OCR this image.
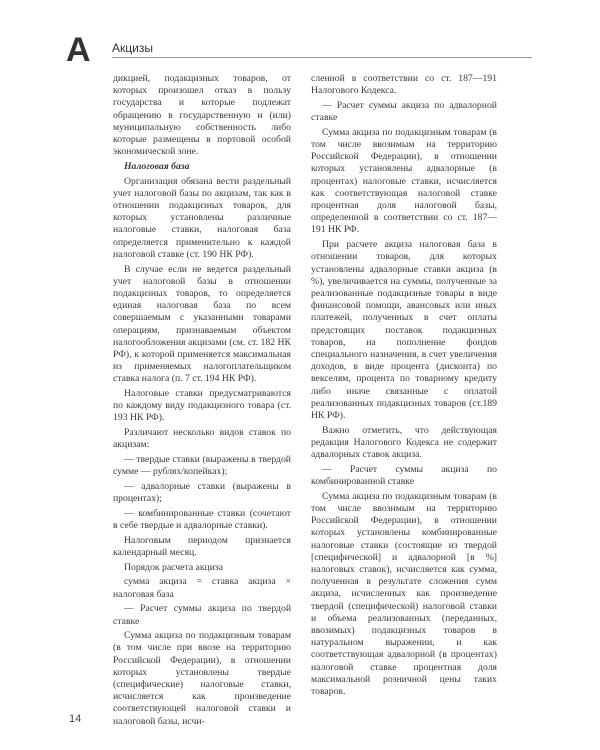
А Акцизы

дикцией, подакцизных товаров, от которых произошел отказ в пользу государства и которые подлежат обращению в государственную и (или) муниципальную собственность либо которые размещены в портовой особой экономической зоне.

Налоговая база

Организация обязана вести раздельный учет налоговой базы по акцизам, так как в отношении подакцизных товаров, для которых установлены различные налоговые ставки, налоговая база определяется применительно к каждой налоговой ставке (ст. 190 НК РФ).

В случае если не ведется раздельный учет налоговой базы в отношении подакцизных товаров, то определяется единая налоговая база по всем совершаемым с указанными товарами операциям, признаваемым объектом налогообложения акцизами (см. ст. 182 НК РФ), к которой применяется максимальная из применяемых налогоплательщиком ставка налога (п. 7 ст. 194 НК РФ).

Налоговые ставки предусматриваются по каждому виду подакцизного товара (ст. 193 НК РФ).

Различают несколько видов ставок по акцизам:

— твердые ставки (выражены в твердой сумме — рублях/копейках);

— адвалорные ставки (выражены в процентах);

— комбинированные ставки (сочетают в себе твердые и адвалорные ставки).

Налоговым периодом признается календарный месяц.

Порядок расчета акциза

сумма акциза = ставка акциза × налоговая база

— Расчет суммы акциза по твердой ставке

Сумма акциза по подакцизным товарам (в том числе при ввозе на территорию Российской Федерации), в отношении которых установлены твердые (специфические) налоговые ставки, исчисляется как произведение соответствующей налоговой ставки и налоговой базы, исчи-

сленной в соответствии со ст. 187—191 Налогового Кодекса.

— Расчет суммы акциза по адвалорной ставке

Сумма акциза по подакцизным товарам (в том числе ввозимым на территорию Российской Федерации), в отношении которых установлены адвалорные (в процентах) налоговые ставки, исчисляется как соответствующая налоговой ставке процентная доля налоговой базы, определенной в соответствии со ст. 187—191 НК РФ.

При расчете акциза налоговая база в отношении товаров, для которых установлены адвалорные ставки акциза (в %), увеличивается на суммы, полученные за реализованные подакцизные товары в виде финансовой помощи, авансовых или иных платежей, полученных в счет оплаты предстоящих поставок подакцизных товаров, на пополнение фондов специального назначения, в счет увеличения доходов, в виде процента (дисконта) по векселям, процента по товарному кредиту либо иначе связанные с оплатой реализованных подакцизных товаров (ст.189 НК РФ).

Важно отметить, что действующая редакция Налогового Кодекса не содержит адвалорных ставок акциза.

— Расчет суммы акциза по комбинированной ставке

Сумма акциза по подакцизным товарам (в том числе ввозимым на территорию Российской Федерации), в отношении которых установлены комбинированные налоговые ставки (состоящие из твердой [специфической] и адвалорной [в %] налоговых ставок), исчисляется как сумма, полученная в результате сложения сумм акциза, исчисленных как произведение твердой (специфической) налоговой ставки и объема реализованных (переданных, ввозимых) подакцизных товаров в натуральном выражении, и как соответствующая адвалорной (в процентах) налоговой ставке процентная доля максимальной розничной цены таких товаров.

14
